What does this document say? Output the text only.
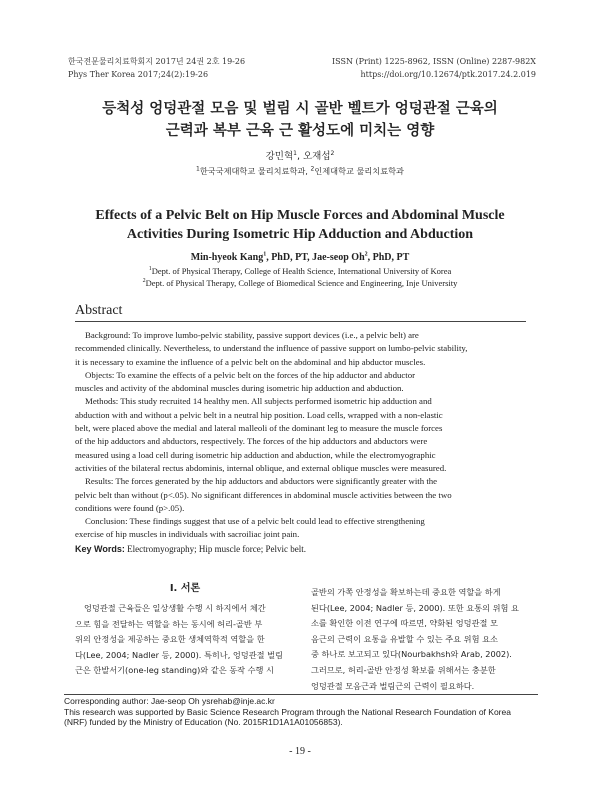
한국전문물리치료학회지 2017년 24권 2호 19-26
Phys Ther Korea 2017;24(2):19-26
ISSN (Print) 1225-8962, ISSN (Online) 2287-982X
https://doi.org/10.12674/ptk.2017.24.2.019
등척성 엉덩관절 모음 및 벌림 시 골반 벨트가 엉덩관절 근육의
근력과 복부 근육 근 활성도에 미치는 영향
강민혁$^1$, 오재섭$^2$
$^1$한국국제대학교 물리치료학과, $^2$인제대학교 물리치료학과
Effects of a Pelvic Belt on Hip Muscle Forces and Abdominal Muscle
Activities During Isometric Hip Adduction and Abduction
Min-hyeok Kang$^1$, PhD, PT, Jae-seop Oh$^2$, PhD, PT
$^1$Dept. of Physical Therapy, College of Health Science, International University of Korea
$^2$Dept. of Physical Therapy, College of Biomedical Science and Engineering, Inje University
Abstract
Background: To improve lumbo-pelvic stability, passive support devices (i.e., a pelvic belt) are
recommended clinically. Nevertheless, to understand the influence of passive support on lumbo-pelvic stability,
it is necessary to examine the influence of a pelvic belt on the abdominal and hip abductor muscles.
Objects: To examine the effects of a pelvic belt on the forces of the hip adductor and abductor
muscles and activity of the abdominal muscles during isometric hip adduction and abduction.
Methods: This study recruited 14 healthy men. All subjects performed isometric hip adduction and
abduction with and without a pelvic belt in a neutral hip position. Load cells, wrapped with a non-elastic
belt, were placed above the medial and lateral malleoli of the dominant leg to measure the muscle forces
of the hip adductors and abductors, respectively. The forces of the hip adductors and abductors were
measured using a load cell during isometric hip adduction and abduction, while the electromyographic
activities of the bilateral rectus abdominis, internal oblique, and external oblique muscles were measured.
Results: The forces generated by the hip adductors and abductors were significantly greater with the
pelvic belt than without (p<.05). No significant differences in abdominal muscle activities between the two
conditions were found (p>.05).
Conclusion: These findings suggest that use of a pelvic belt could lead to effective strengthening
exercise of hip muscles in individuals with sacroiliac joint pain.
Key Words: Electromyography; Hip muscle force; Pelvic belt.
Ⅰ. 서론
엉덩관절 근육들은 일상생활 수행 시 하지에서 체간
으로 힘을 전달하는 역할을 하는 동시에 허리-골반 부
위의 안정성을 제공하는 중요한 생체역학적 역할을 한
다(Lee, 2004; Nadler 등, 2000). 특히나, 엉덩관절 벌림
근은 한발서기(one-leg standing)와 같은 동작 수행 시
골반의 가쪽 안정성을 확보하는데 중요한 역할을 하게
된다(Lee, 2004; Nadler 등, 2000). 또한 요통의 위험 요
소를 확인한 이전 연구에 따르면, 약화된 엉덩관절 모
음근의 근력이 요통을 유발할 수 있는 주요 위험 요소
중 하나로 보고되고 있다(Nourbakhsh와 Arab, 2002).
그러므로, 허리-골반 안정성 확보를 위해서는 충분한
엉덩관절 모음근과 벌림근의 근력이 필요하다.
Corresponding author: Jae-seop Oh ysrehab@inje.ac.kr
This research was supported by Basic Science Research Program through the National Research Foundation of Korea
(NRF) funded by the Ministry of Education (No. 2015R1D1A1A01056853).
- 19 -
